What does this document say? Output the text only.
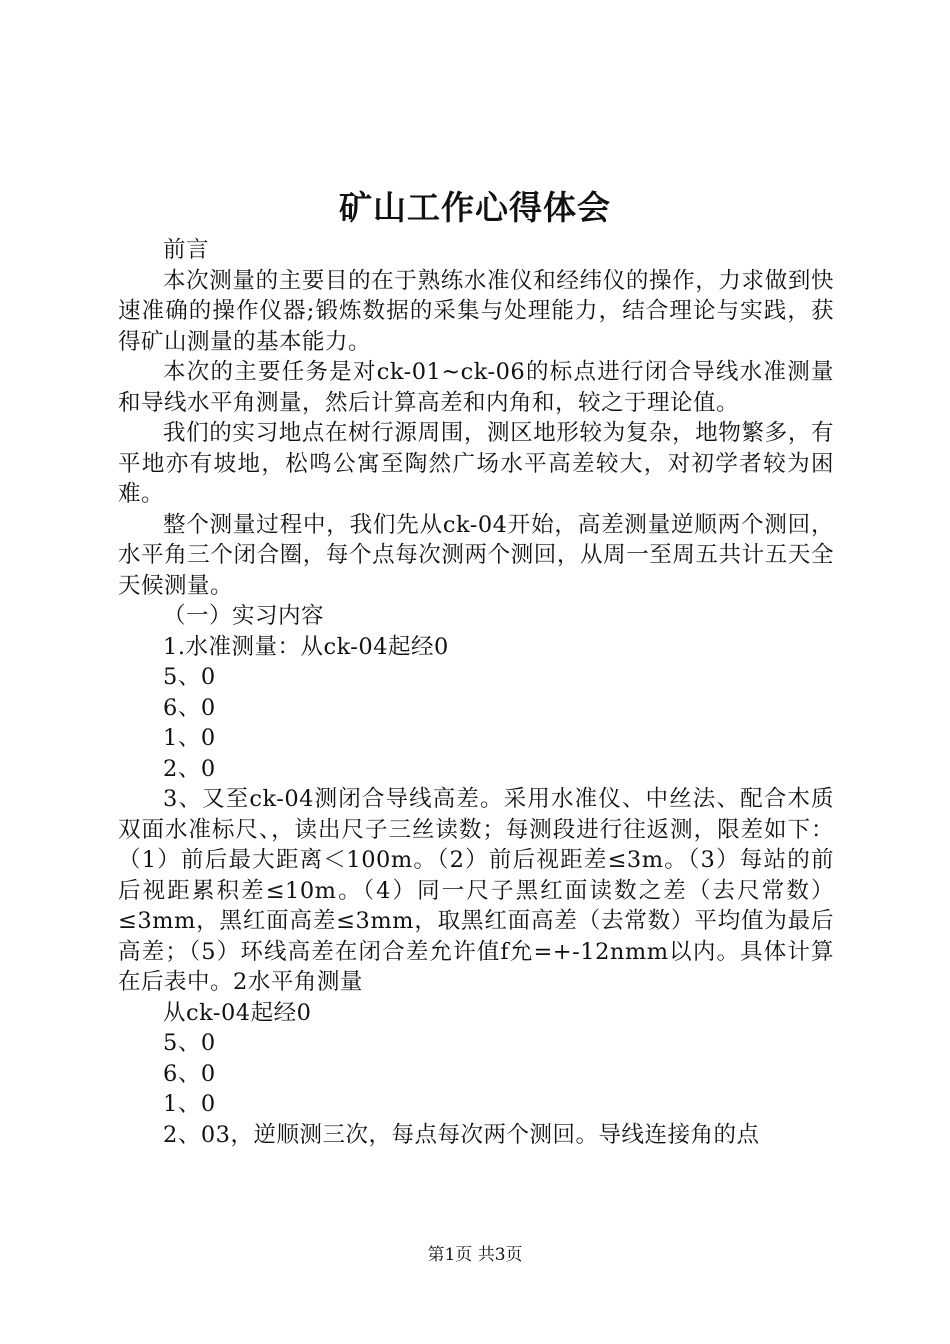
矿山工作心得体会
前言

本次测量的主要目的在于熟练水准仪和经纬仪的操作，力求做到快速准确的操作仪器;锻炼数据的采集与处理能力，结合理论与实践，获得矿山测量的基本能力。

本次的主要任务是对ck-01~ck-06的标点进行闭合导线水准测量和导线水平角测量，然后计算高差和内角和，较之于理论值。

我们的实习地点在树行源周围，测区地形较为复杂，地物繁多，有平地亦有坡地，松鸣公寓至陶然广场水平高差较大，对初学者较为困难。

整个测量过程中，我们先从ck-04开始，高差测量逆顺两个测回，水平角三个闭合圈，每个点每次测两个测回，从周一至周五共计五天全天候测量。

（一）实习内容
1.水准测量：从ck-04起经0
5、0
6、0
1、0
2、0

3、又至ck-04测闭合导线高差。采用水准仪、中丝法、配合木质双面水准标尺、，读出尺子三丝读数；每测段进行往返测，限差如下：（1）前后最大距离＜100m。（2）前后视距差≤3m。（3）每站的前后视距累积差≤10m。（4）同一尺子黑红面读数之差（去尺常数）≤3mm，黑红面高差≤3mm，取黑红面高差（去常数）平均值为最后高差；（5）环线高差在闭合差允许值f允=+-12nmm以内。具体计算在后表中。2水平角测量

从ck-04起经0
5、0
6、0
1、0
2、03，逆顺测三次，每点每次两个测回。导线连接角的点
第1页 共3页
